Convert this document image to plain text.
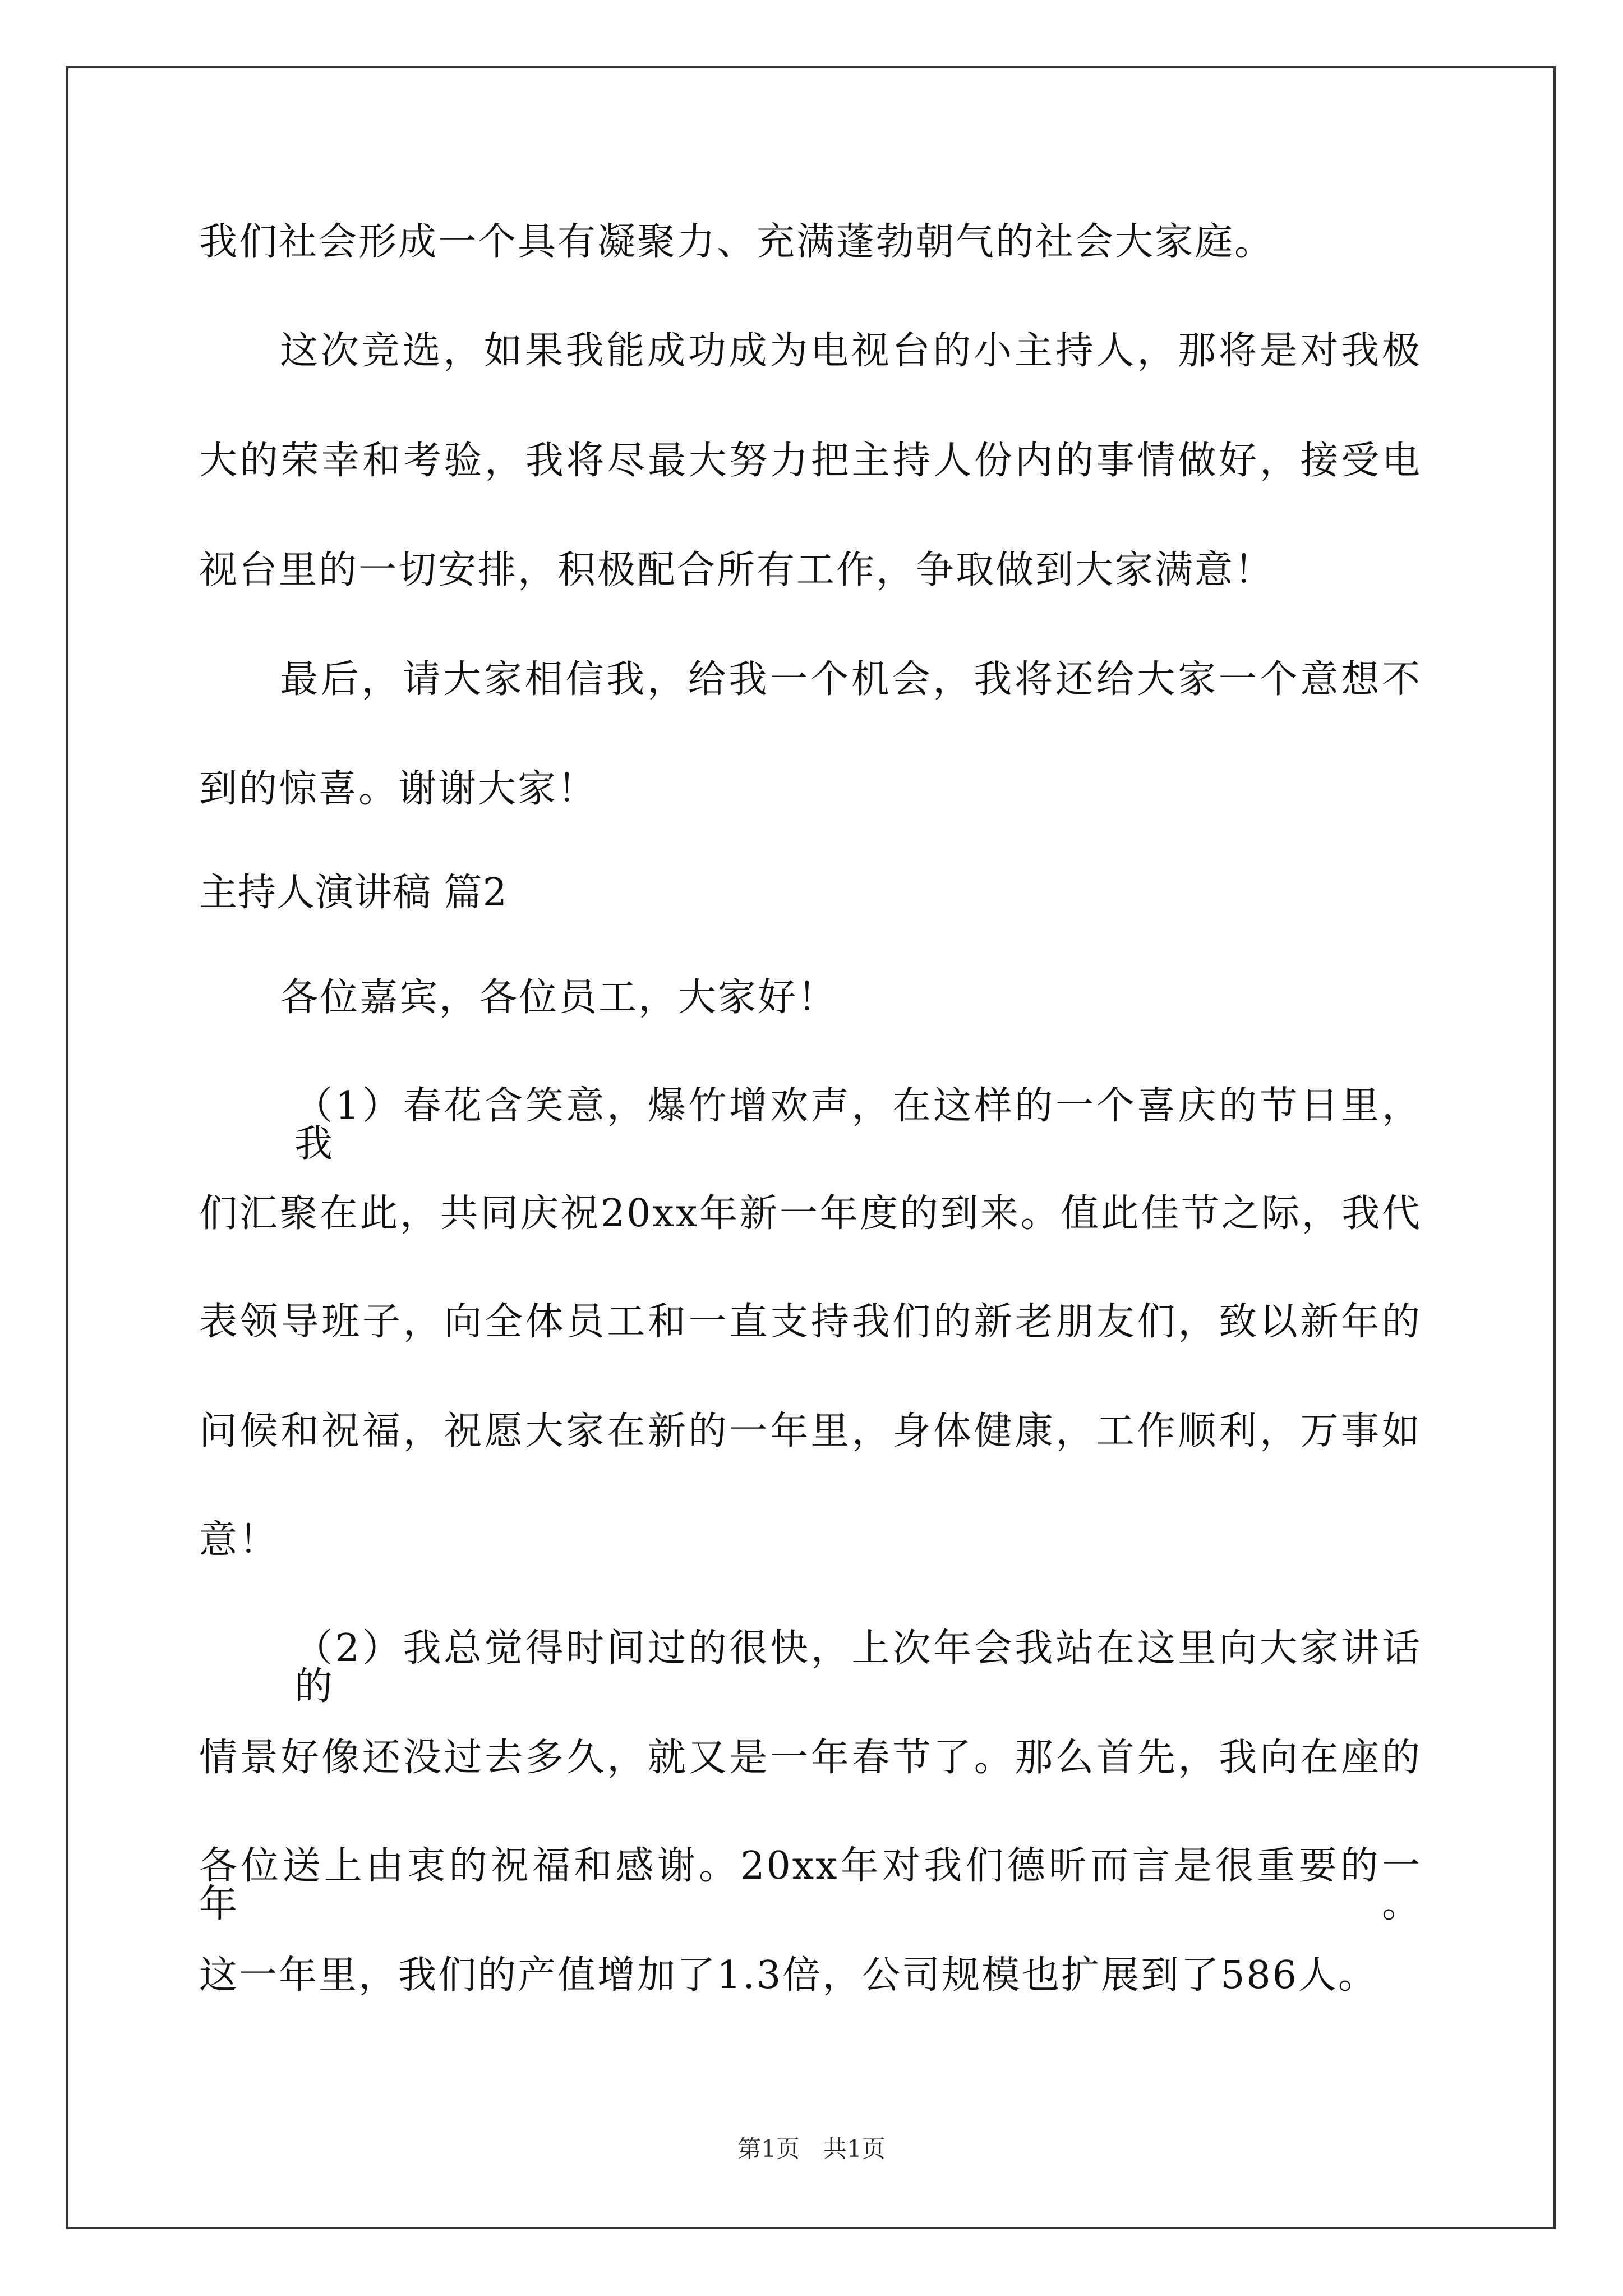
我们社会形成一个具有凝聚力、充满蓬勃朝气的社会大家庭。
这次竞选，如果我能成功成为电视台的小主持人，那将是对我极
大的荣幸和考验，我将尽最大努力把主持人份内的事情做好，接受电
视台里的一切安排，积极配合所有工作，争取做到大家满意！
最后，请大家相信我，给我一个机会，我将还给大家一个意想不
到的惊喜。谢谢大家！
主持人演讲稿 篇2
各位嘉宾，各位员工，大家好！
（1）春花含笑意，爆竹增欢声，在这样的一个喜庆的节日里，我
们汇聚在此，共同庆祝20xx年新一年度的到来。值此佳节之际，我代
表领导班子，向全体员工和一直支持我们的新老朋友们，致以新年的
问候和祝福，祝愿大家在新的一年里，身体健康，工作顺利，万事如
意！
（2）我总觉得时间过的很快，上次年会我站在这里向大家讲话的
情景好像还没过去多久，就又是一年春节了。那么首先，我向在座的
各位送上由衷的祝福和感谢。20xx年对我们德昕而言是很重要的一年。
这一年里，我们的产值增加了1.3倍，公司规模也扩展到了586人。
第1页　共1页
